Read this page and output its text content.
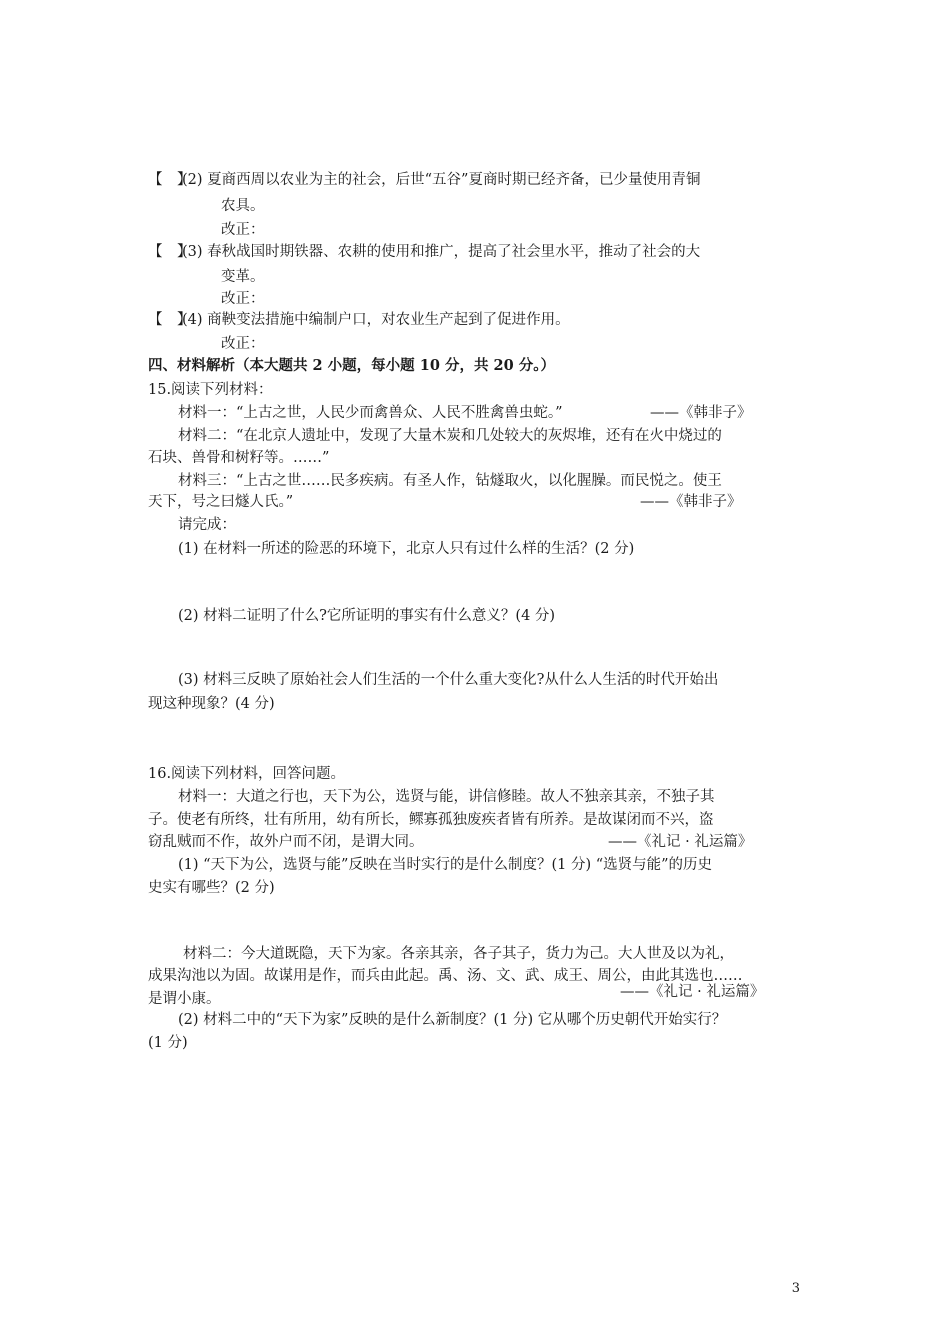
【　】
(2) 夏商西周以农业为主的社会，后世“五谷”夏商时期已经齐备，已少量使用青铜
农具。
改正：
【　】
(3) 春秋战国时期铁器、农耕的使用和推广，提高了社会里水平，推动了社会的大
变革。
改正：
【　】
(4) 商鞅变法措施中编制户口，对农业生产起到了促进作用。
改正：
四、材料解析（本大题共 2 小题，每小题 10 分，共 20 分。）
15.阅读下列材料：
材料一：“上古之世，人民少而禽兽众、人民不胜禽兽虫蛇。”	——《韩非子》
材料二：“在北京人遗址中，发现了大量木炭和几处较大的灰烬堆，还有在火中烧过的
石块、兽骨和树籽等。……”
材料三：“上古之世……民多疾病。有圣人作，钻燧取火，以化腥臊。而民悦之。使王
天下，号之曰燧人氏。”	——《韩非子》
请完成：
(1) 在材料一所述的险恶的环境下，北京人只有过什么样的生活？(2 分)
(2) 材料二证明了什么?它所证明的事实有什么意义？(4 分)
(3) 材料三反映了原始社会人们生活的一个什么重大变化?从什么人生活的时代开始出
现这种现象？(4 分)
16.阅读下列材料，回答问题。
材料一：大道之行也，天下为公，选贤与能，讲信修睦。故人不独亲其亲，不独子其
子。使老有所终，壮有所用，幼有所长，鳏寡孤独废疾者皆有所养。是故谋闭而不兴，盗
窃乱贼而不作，故外户而不闭，是谓大同。	——《礼记 · 礼运篇》
(1) “天下为公，选贤与能”反映在当时实行的是什么制度？(1 分) “选贤与能”的历史
史实有哪些？(2 分)
材料二：今大道既隐，天下为家。各亲其亲，各子其子，货力为己。大人世及以为礼，
成果沟池以为固。故谋用是作，而兵由此起。禹、汤、文、武、成王、周公，由此其选也……
是谓小康。	——《礼记 · 礼运篇》
(2) 材料二中的“天下为家”反映的是什么新制度？(1 分) 它从哪个历史朝代开始实行？
(1 分)
3
